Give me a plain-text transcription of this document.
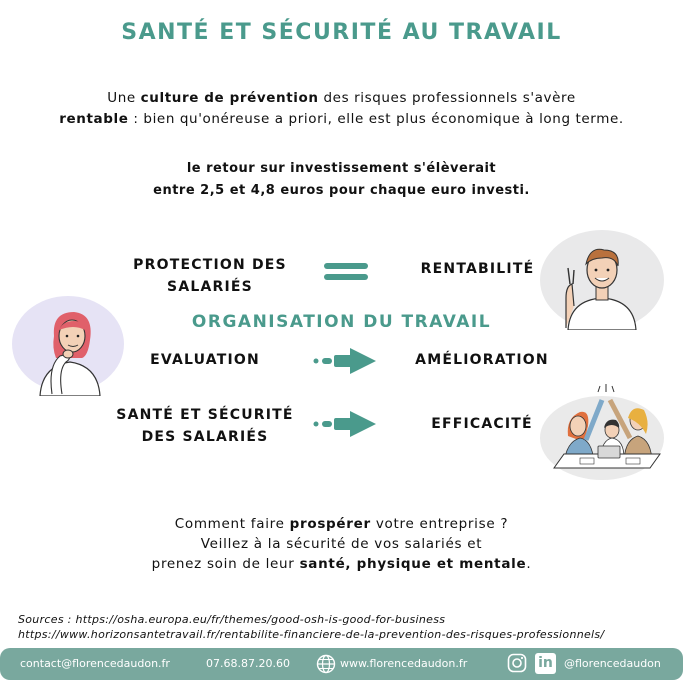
SANTÉ ET SÉCURITÉ AU TRAVAIL
Une culture de prévention des risques professionnels s'avère
rentable : bien qu'onéreuse a priori, elle est plus économique à long terme.
le retour sur investissement s'élèverait
entre 2,5 et 4,8 euros pour chaque euro investi.
PROTECTION DES
SALARIÉS
RENTABILITÉ
ORGANISATION DU TRAVAIL
EVALUATION	AMÉLIORATION
SANTÉ ET SÉCURITÉ
DES SALARIÉS
EFFICACITÉ
Comment faire prospérer votre entreprise ?
Veillez à la sécurité de vos salariés et
prenez soin de leur santé, physique et mentale.
Sources : https://osha.europa.eu/fr/themes/good-osh-is-good-for-business
https://www.horizonsantetravail.fr/rentabilite-financiere-de-la-prevention-des-risques-professionnels/
contact@florencedaudon.fr	07.68.87.20.60	www.florencedaudon.fr	in @florencedaudon
